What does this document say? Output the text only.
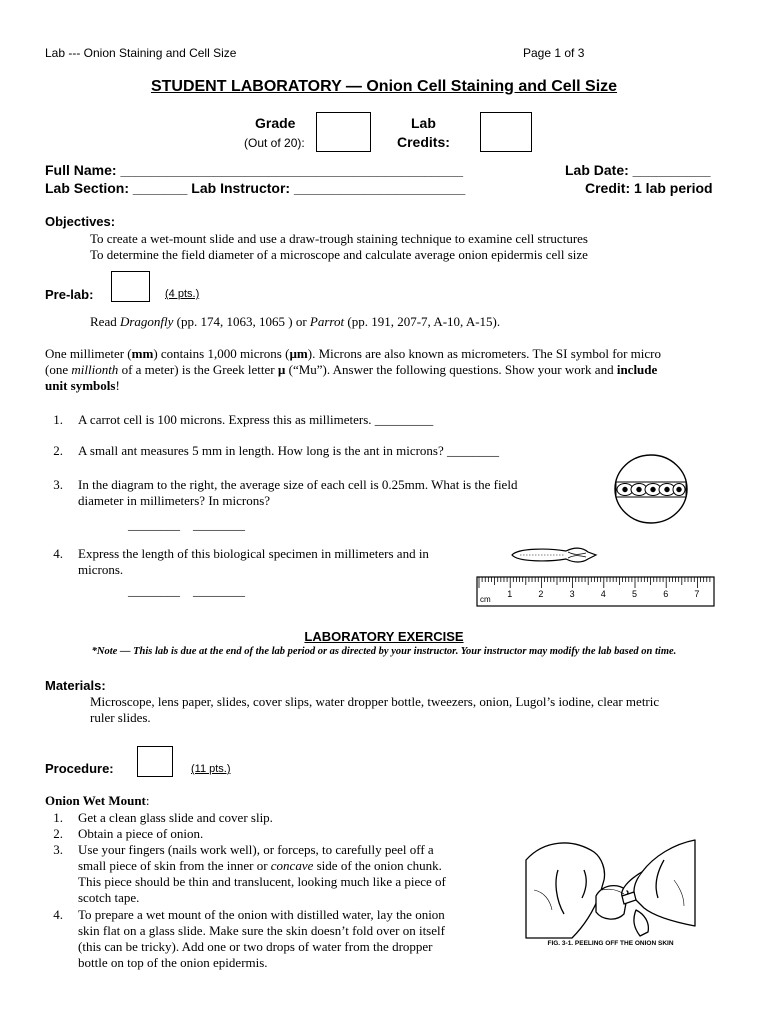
Lab --- Onion Staining and Cell Size	Page 1 of 3
STUDENT LABORATORY — Onion Cell Staining and Cell Size
Grade
(Out of 20):
Lab
Credits:
Full Name: ____________________________________________	Lab Date: __________
Lab Section: _______ Lab Instructor: ______________________	Credit: 1 lab period
Objectives:
To create a wet-mount slide and use a draw-trough staining technique to examine cell structures
To determine the field diameter of a microscope and calculate average onion epidermis cell size
Pre-lab:	(4 pts.)
Read Dragonfly (pp. 174, 1063, 1065 ) or Parrot (pp. 191, 207-7, A-10, A-15).
One millimeter (mm) contains 1,000 microns (µm). Microns are also known as micrometers. The SI symbol for micro
(one millionth of a meter) is the Greek letter µ (“Mu”). Answer the following questions. Show your work and include
unit symbols!
1. A carrot cell is 100 microns. Express this as millimeters. _________
2. A small ant measures 5 mm in length. How long is the ant in microns? ________
3. In the diagram to the right, the average size of each cell is 0.25mm. What is the field
diameter in millimeters? In microns?
________    ________
4. Express the length of this biological specimen in millimeters and in
microns.
________    ________
cm
1	2	3	4	5	6	7
LABORATORY EXERCISE
*Note — This lab is due at the end of the lab period or as directed by your instructor. Your instructor may modify the lab based on time.
Materials:
Microscope, lens paper, slides, cover slips, water dropper bottle, tweezers, onion, Lugol’s iodine, clear metric
ruler slides.
Procedure:	(11 pts.)
Onion Wet Mount:
1. Get a clean glass slide and cover slip.
2. Obtain a piece of onion.
3. Use your fingers (nails work well), or forceps, to carefully peel off a
small piece of skin from the inner or concave side of the onion chunk.
This piece should be thin and translucent, looking much like a piece of
scotch tape.
4. To prepare a wet mount of the onion with distilled water, lay the onion
skin flat on a glass slide. Make sure the skin doesn’t fold over on itself
(this can be tricky). Add one or two drops of water from the dropper
bottle on top of the onion epidermis.
FIG. 3-1. PEELING OFF THE ONION SKIN
